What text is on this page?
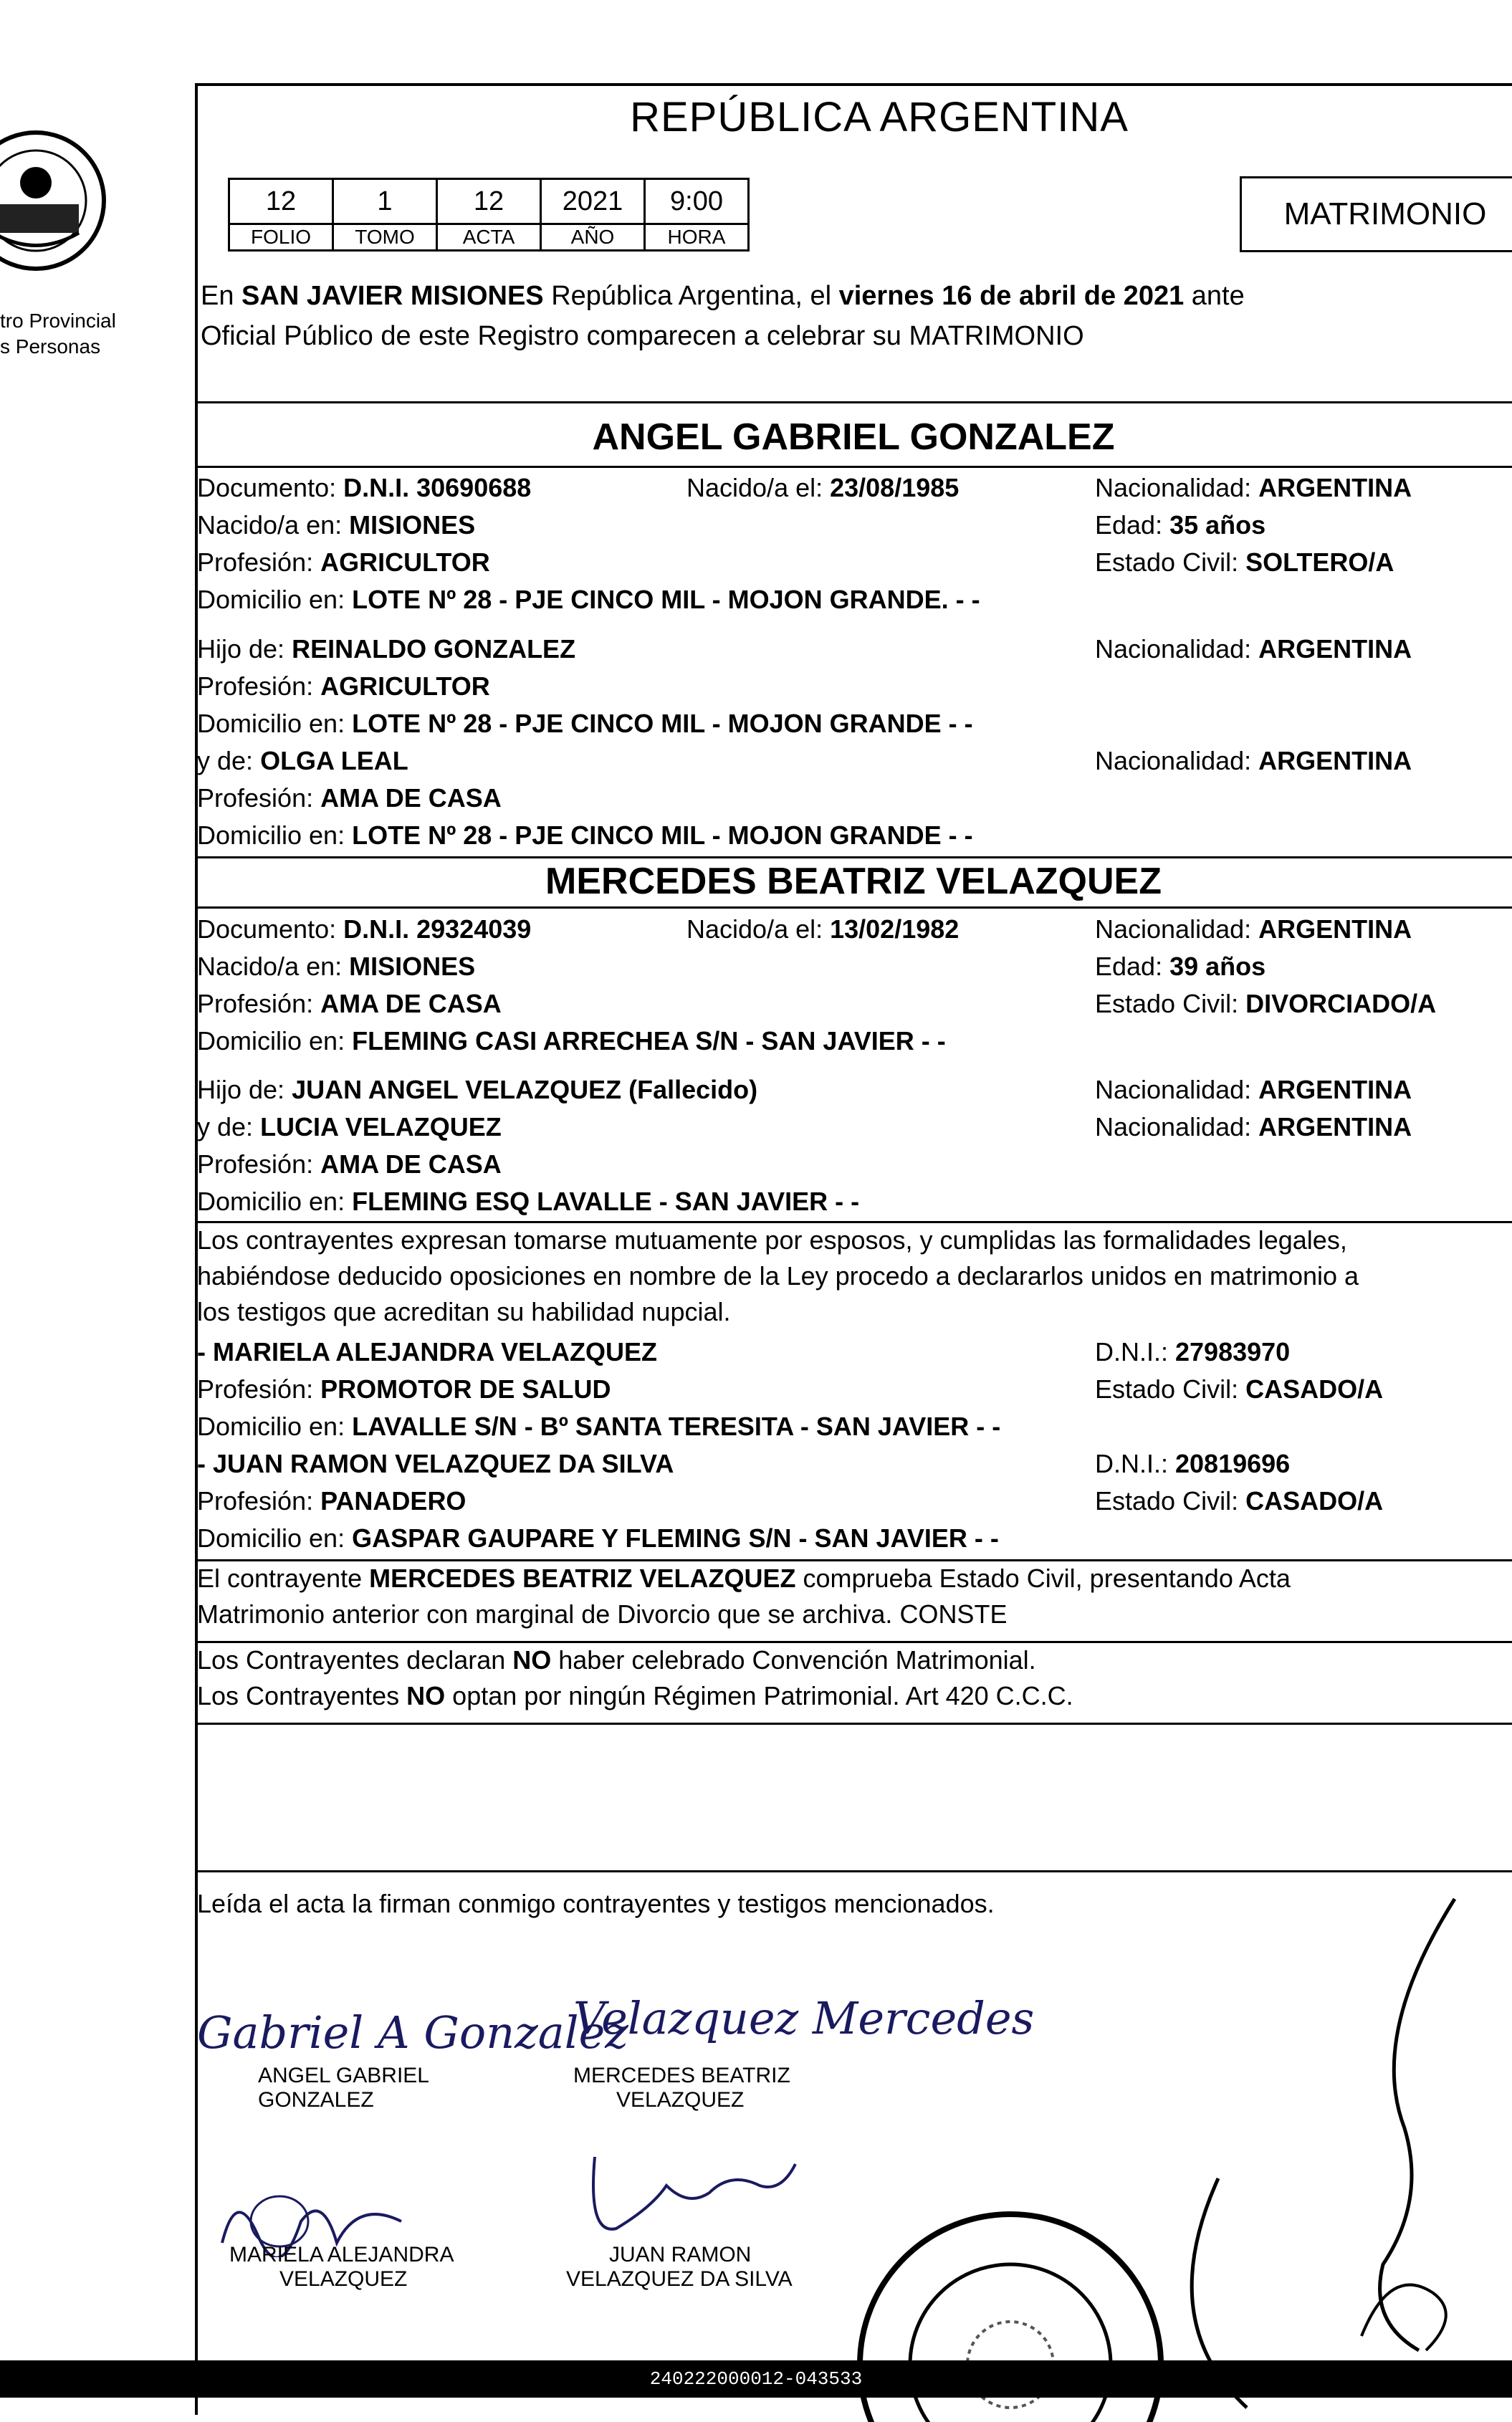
tro Provincial
s Personas
REPÚBLICA ARGENTINA
12	1	12	2021	9:00
FOLIO	TOMO	ACTA	AÑO	HORA
MATRIMONIO
En SAN JAVIER MISIONES República Argentina, el viernes 16 de abril de 2021 ante
Oficial Público de este Registro comparecen a celebrar su MATRIMONIO
ANGEL GABRIEL GONZALEZ
Documento: D.N.I. 30690688	Nacido/a el: 23/08/1985	Nacionalidad: ARGENTINA
Nacido/a en: MISIONES	Edad: 35 años
Profesión: AGRICULTOR	Estado Civil: SOLTERO/A
Domicilio en: LOTE Nº 28 - PJE CINCO MIL - MOJON GRANDE. - -
Hijo de: REINALDO GONZALEZ	Nacionalidad: ARGENTINA
Profesión: AGRICULTOR
Domicilio en: LOTE Nº 28 - PJE CINCO MIL - MOJON GRANDE - -
y de: OLGA LEAL	Nacionalidad: ARGENTINA
Profesión: AMA DE CASA
Domicilio en: LOTE Nº 28 - PJE CINCO MIL - MOJON GRANDE - -
MERCEDES BEATRIZ VELAZQUEZ
Documento: D.N.I. 29324039	Nacido/a el: 13/02/1982	Nacionalidad: ARGENTINA
Nacido/a en: MISIONES	Edad: 39 años
Profesión: AMA DE CASA	Estado Civil: DIVORCIADO/A
Domicilio en: FLEMING CASI ARRECHEA S/N - SAN JAVIER - -
Hijo de: JUAN ANGEL VELAZQUEZ (Fallecido)	Nacionalidad: ARGENTINA
y de: LUCIA VELAZQUEZ	Nacionalidad: ARGENTINA
Profesión: AMA DE CASA
Domicilio en: FLEMING ESQ LAVALLE - SAN JAVIER - -
Los contrayentes expresan tomarse mutuamente por esposos, y cumplidas las formalidades legales,
habiéndose deducido oposiciones en nombre de la Ley procedo a declararlos unidos en matrimonio a
los testigos que acreditan su habilidad nupcial.
- MARIELA ALEJANDRA VELAZQUEZ	D.N.I.: 27983970
Profesión: PROMOTOR DE SALUD	Estado Civil: CASADO/A
Domicilio en: LAVALLE S/N - Bº SANTA TERESITA - SAN JAVIER - -
- JUAN RAMON VELAZQUEZ DA SILVA	D.N.I.: 20819696
Profesión: PANADERO	Estado Civil: CASADO/A
Domicilio en: GASPAR GAUPARE Y FLEMING S/N - SAN JAVIER - -
El contrayente MERCEDES BEATRIZ VELAZQUEZ comprueba Estado Civil, presentando Acta
Matrimonio anterior con marginal de Divorcio que se archiva. CONSTE
Los Contrayentes declaran NO haber celebrado Convención Matrimonial.
Los Contrayentes NO optan por ningún Régimen Patrimonial. Art 420 C.C.C.
Leída el acta la firman conmigo contrayentes y testigos mencionados.
Gabriel A Gonzalez
Velazquez Mercedes
ANGEL GABRIEL
GONZALEZ
MERCEDES BEATRIZ
VELAZQUEZ
MARIELA ALEJANDRA
VELAZQUEZ
JUAN RAMON
VELAZQUEZ DA SILVA
240222000012-043533
